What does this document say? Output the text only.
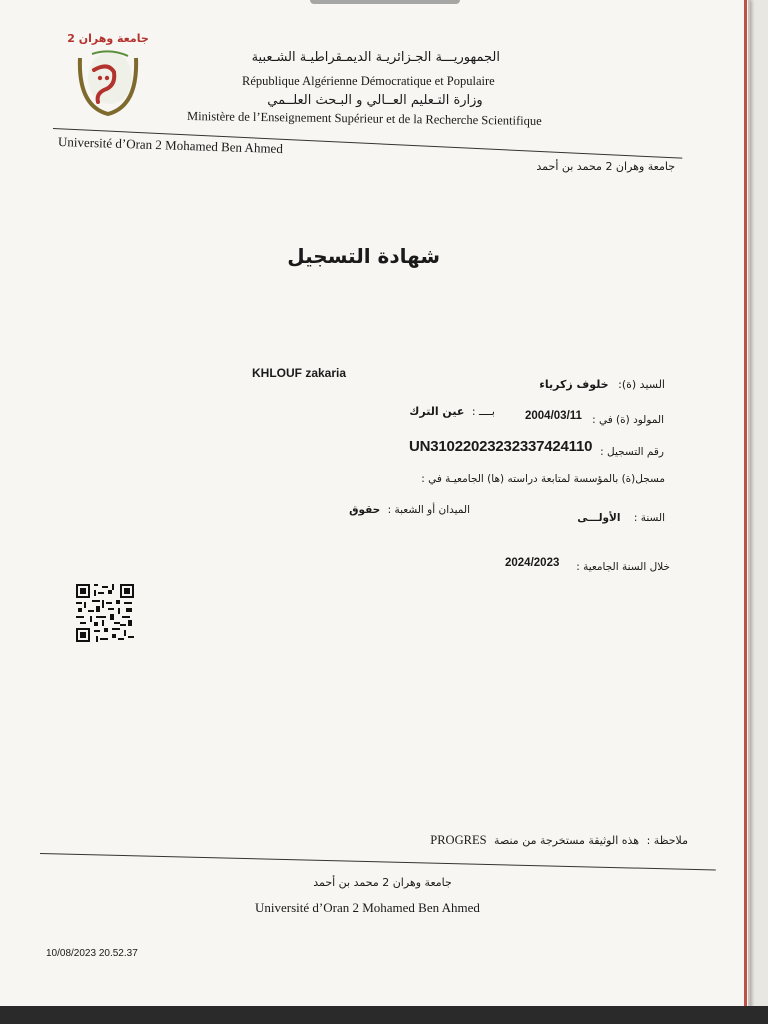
جامعة وهران 2
الجمهوريـــة الجـزائريـة الديمـقراطيـة الشـعبية
République Algérienne Démocratique et Populaire
وزارة التـعليم العــالي و البـحث العلــمي
Ministère de l’Enseignement Supérieur et de la Recherche Scientifique
Université d’Oran 2 Mohamed Ben Ahmed
جامعة وهران 2 محمد بن أحمد
شهادة التسجيل
KHLOUF zakaria
السيد (ة): خلوف زكرياء
بــــ : عين الترك	2004/03/11 المولود (ة) في :
UN31022023232337424110 رقم التسجيل :
مسجل(ة) بالمؤسسة لمتابعة دراسته (ها) الجامعيـة في :
الميدان أو الشعبة : حقوق
السنة : الأولـــى
2024/2023	خلال السنة الجامعية :
ملاحظة : هذه الوثيقة مستخرجة من منصة PROGRES
جامعة وهران 2 محمد بن أحمد
Université d’Oran 2 Mohamed Ben Ahmed
10/08/2023 20.52.37
